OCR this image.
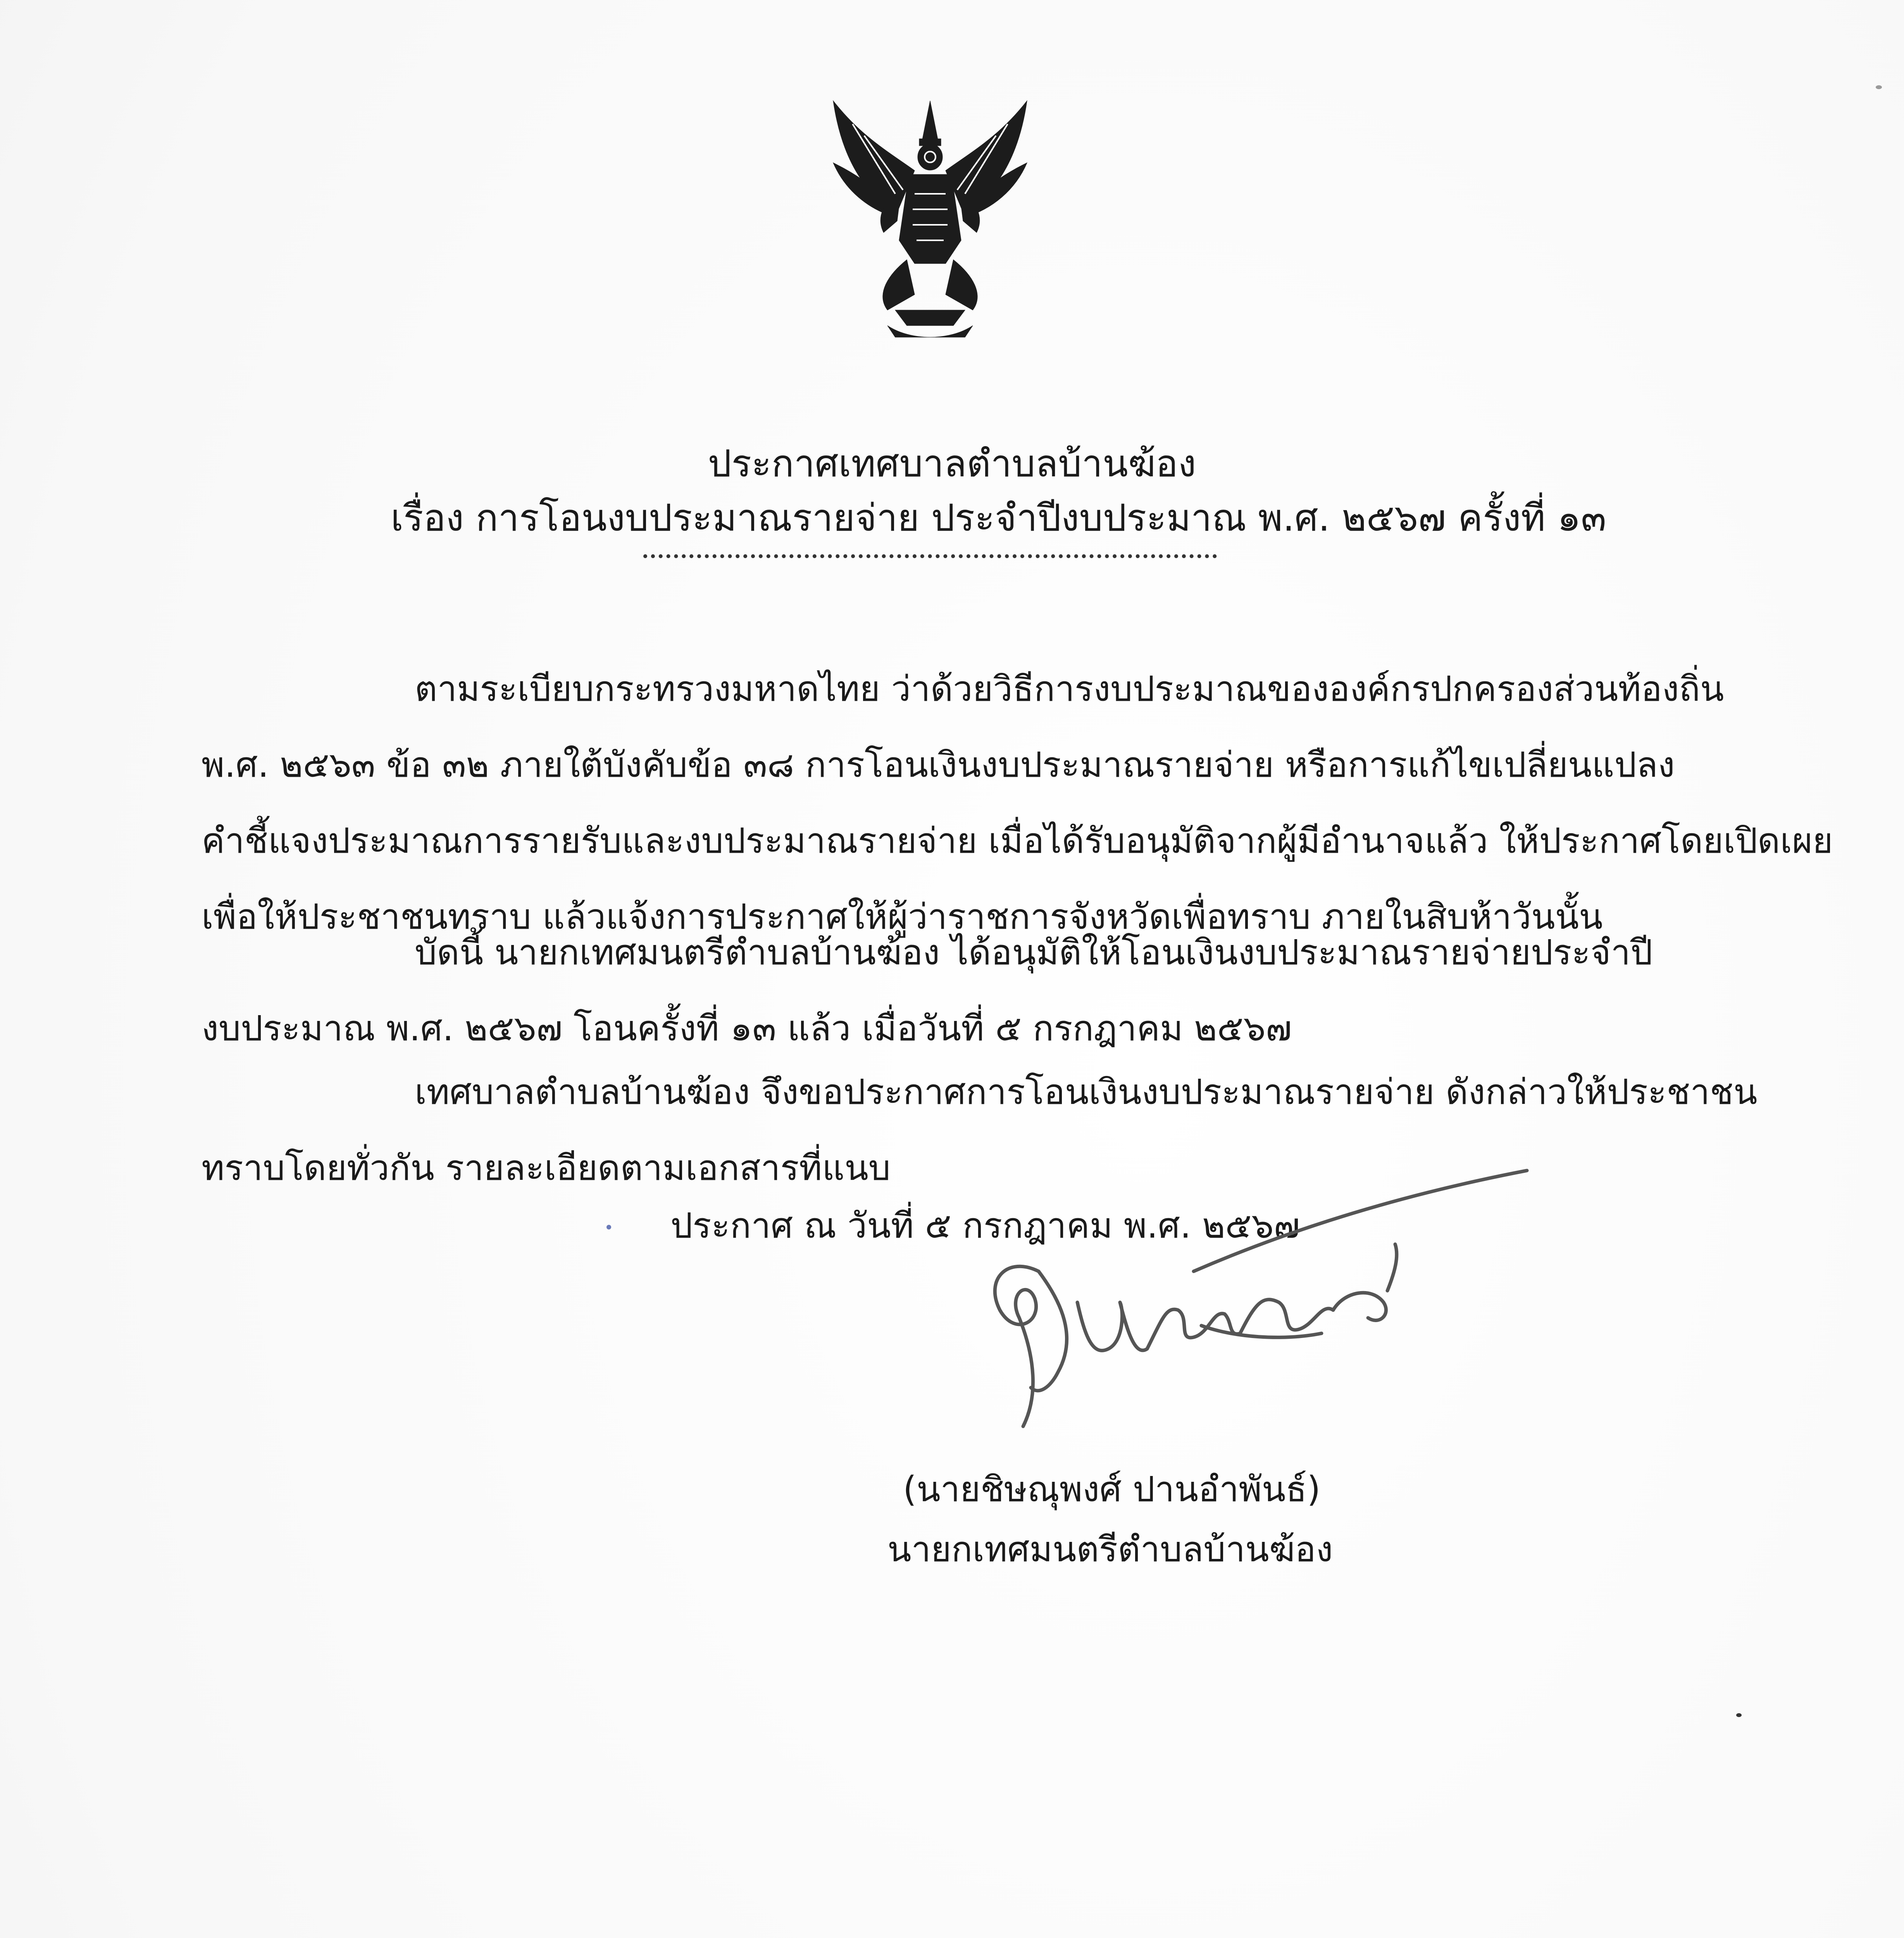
ประกาศเทศบาลตำบลบ้านฆ้อง
เรื่อง การโอนงบประมาณรายจ่าย ประจำปีงบประมาณ พ.ศ. ๒๕๖๗ ครั้งที่ ๑๓
ตามระเบียบกระทรวงมหาดไทย ว่าด้วยวิธีการงบประมาณขององค์กรปกครองส่วนท้องถิ่น
พ.ศ. ๒๕๖๓ ข้อ ๓๒ ภายใต้บังคับข้อ ๓๘ การโอนเงินงบประมาณรายจ่าย หรือการแก้ไขเปลี่ยนแปลง
คำชี้แจงประมาณการรายรับและงบประมาณรายจ่าย เมื่อได้รับอนุมัติจากผู้มีอำนาจแล้ว ให้ประกาศโดยเปิดเผย
เพื่อให้ประชาชนทราบ แล้วแจ้งการประกาศให้ผู้ว่าราชการจังหวัดเพื่อทราบ ภายในสิบห้าวันนั้น
บัดนี้ นายกเทศมนตรีตำบลบ้านฆ้อง ได้อนุมัติให้โอนเงินงบประมาณรายจ่ายประจำปี
งบประมาณ พ.ศ. ๒๕๖๗ โอนครั้งที่ ๑๓ แล้ว เมื่อวันที่ ๕ กรกฎาคม ๒๕๖๗
เทศบาลตำบลบ้านฆ้อง จึงขอประกาศการโอนเงินงบประมาณรายจ่าย ดังกล่าวให้ประชาชน
ทราบโดยทั่วกัน รายละเอียดตามเอกสารที่แนบ
ประกาศ ณ วันที่ ๕ กรกฎาคม พ.ศ. ๒๕๖๗
(นายชิษณุพงศ์ ปานอำพันธ์)
นายกเทศมนตรีตำบลบ้านฆ้อง
